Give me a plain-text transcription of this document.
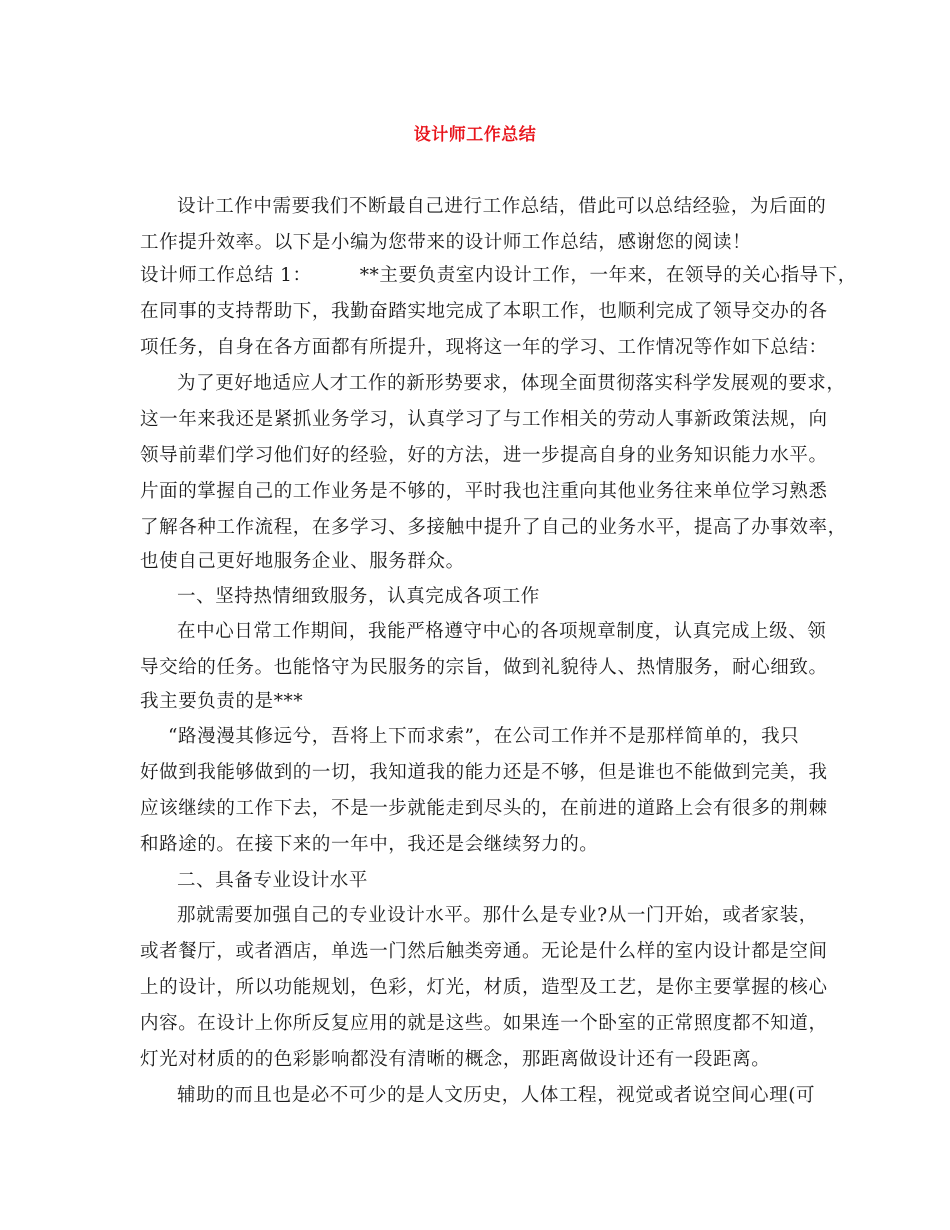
设计师工作总结
设计工作中需要我们不断最自己进行工作总结，借此可以总结经验，为后面的
工作提升效率。以下是小编为您带来的设计师工作总结，感谢您的阅读！
设计师工作总结 1：　　　**主要负责室内设计工作，一年来，在领导的关心指导下，
在同事的支持帮助下，我勤奋踏实地完成了本职工作，也顺利完成了领导交办的各
项任务，自身在各方面都有所提升，现将这一年的学习、工作情况等作如下总结：
为了更好地适应人才工作的新形势要求，体现全面贯彻落实科学发展观的要求，
这一年来我还是紧抓业务学习，认真学习了与工作相关的劳动人事新政策法规，向
领导前辈们学习他们好的经验，好的方法，进一步提高自身的业务知识能力水平。
片面的掌握自己的工作业务是不够的，平时我也注重向其他业务往来单位学习熟悉
了解各种工作流程，在多学习、多接触中提升了自己的业务水平，提高了办事效率，
也使自己更好地服务企业、服务群众。
一、坚持热情细致服务，认真完成各项工作
在中心日常工作期间，我能严格遵守中心的各项规章制度，认真完成上级、领
导交给的任务。也能恪守为民服务的宗旨，做到礼貌待人、热情服务，耐心细致。
我主要负责的是***
“路漫漫其修远兮，吾将上下而求索”，在公司工作并不是那样简单的，我只
好做到我能够做到的一切，我知道我的能力还是不够，但是谁也不能做到完美，我
应该继续的工作下去，不是一步就能走到尽头的，在前进的道路上会有很多的荆棘
和路途的。在接下来的一年中，我还是会继续努力的。
二、具备专业设计水平
那就需要加强自己的专业设计水平。那什么是专业?从一门开始，或者家装，
或者餐厅，或者酒店，单选一门然后触类旁通。无论是什么样的室内设计都是空间
上的设计，所以功能规划，色彩，灯光，材质，造型及工艺，是你主要掌握的核心
内容。在设计上你所反复应用的就是这些。如果连一个卧室的正常照度都不知道，
灯光对材质的的色彩影响都没有清晰的概念，那距离做设计还有一段距离。
辅助的而且也是必不可少的是人文历史，人体工程，视觉或者说空间心理(可
